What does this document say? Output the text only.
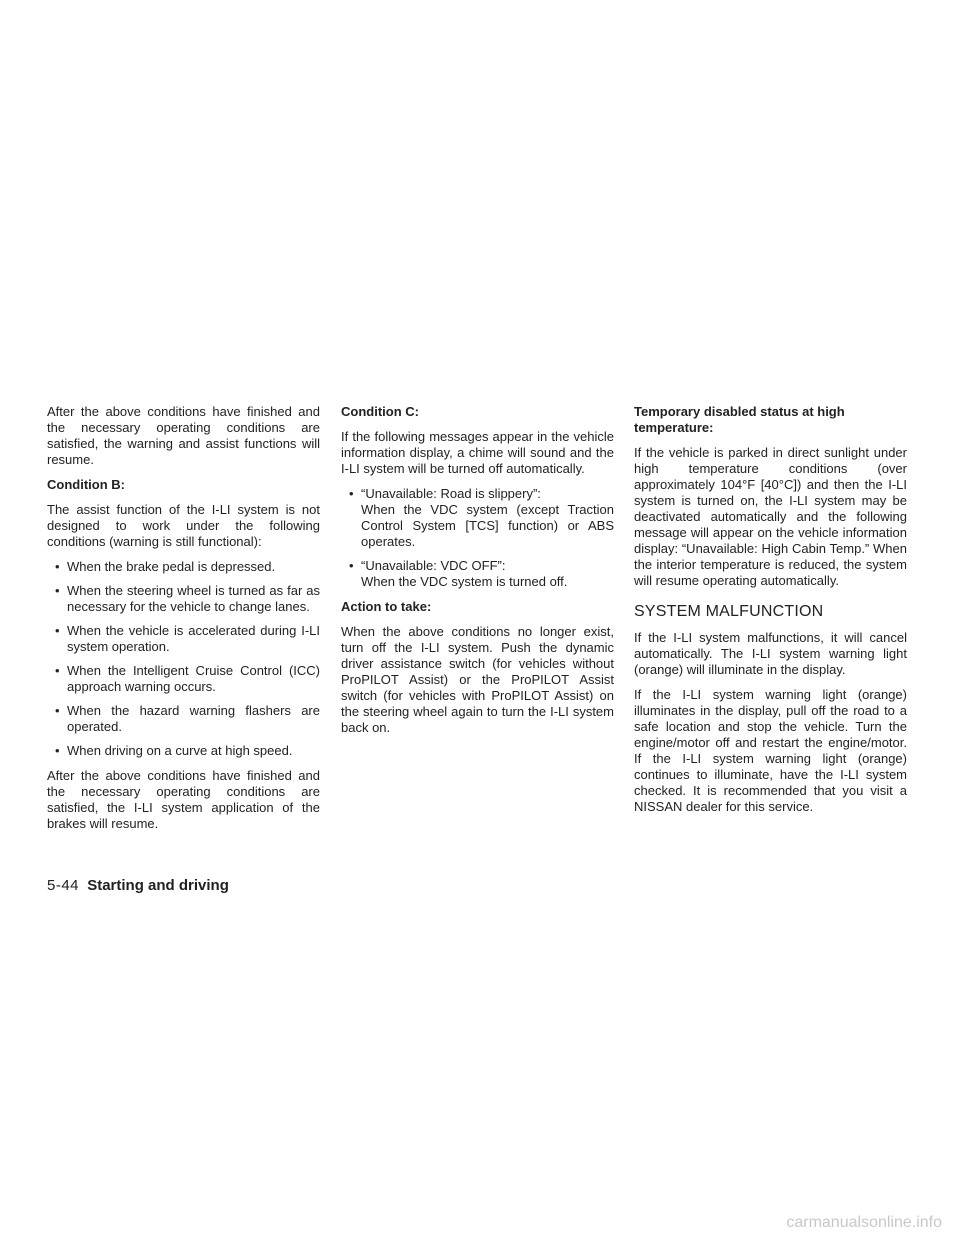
After the above conditions have finished and the necessary operating conditions are satisfied, the warning and assist functions will resume.

Condition B:

The assist function of the I-LI system is not designed to work under the following conditions (warning is still functional):

• When the brake pedal is depressed.
• When the steering wheel is turned as far as necessary for the vehicle to change lanes.
• When the vehicle is accelerated during I-LI system operation.
• When the Intelligent Cruise Control (ICC) approach warning occurs.
• When the hazard warning flashers are operated.
• When driving on a curve at high speed.

After the above conditions have finished and the necessary operating conditions are satisfied, the I-LI system application of the brakes will resume.

Condition C:

If the following messages appear in the vehicle information display, a chime will sound and the I-LI system will be turned off automatically.

• “Unavailable: Road is slippery”:
When the VDC system (except Traction Control System [TCS] function) or ABS operates.
• “Unavailable: VDC OFF”:
When the VDC system is turned off.

Action to take:

When the above conditions no longer exist, turn off the I-LI system. Push the dynamic driver assistance switch (for vehicles without ProPILOT Assist) or the ProPILOT Assist switch (for vehicles with ProPILOT Assist) on the steering wheel again to turn the I-LI system back on.

Temporary disabled status at high temperature:

If the vehicle is parked in direct sunlight under high temperature conditions (over approximately 104°F [40°C]) and then the I-LI system is turned on, the I-LI system may be deactivated automatically and the following message will appear on the vehicle information display: “Unavailable: High Cabin Temp.” When the interior temperature is reduced, the system will resume operating automatically.

SYSTEM MALFUNCTION

If the I-LI system malfunctions, it will cancel automatically. The I-LI system warning light (orange) will illuminate in the display.

If the I-LI system warning light (orange) illuminates in the display, pull off the road to a safe location and stop the vehicle. Turn the engine/motor off and restart the engine/motor. If the I-LI system warning light (orange) continues to illuminate, have the I-LI system checked. It is recommended that you visit a NISSAN dealer for this service.

5-44 Starting and driving
carmanualsonline.info
